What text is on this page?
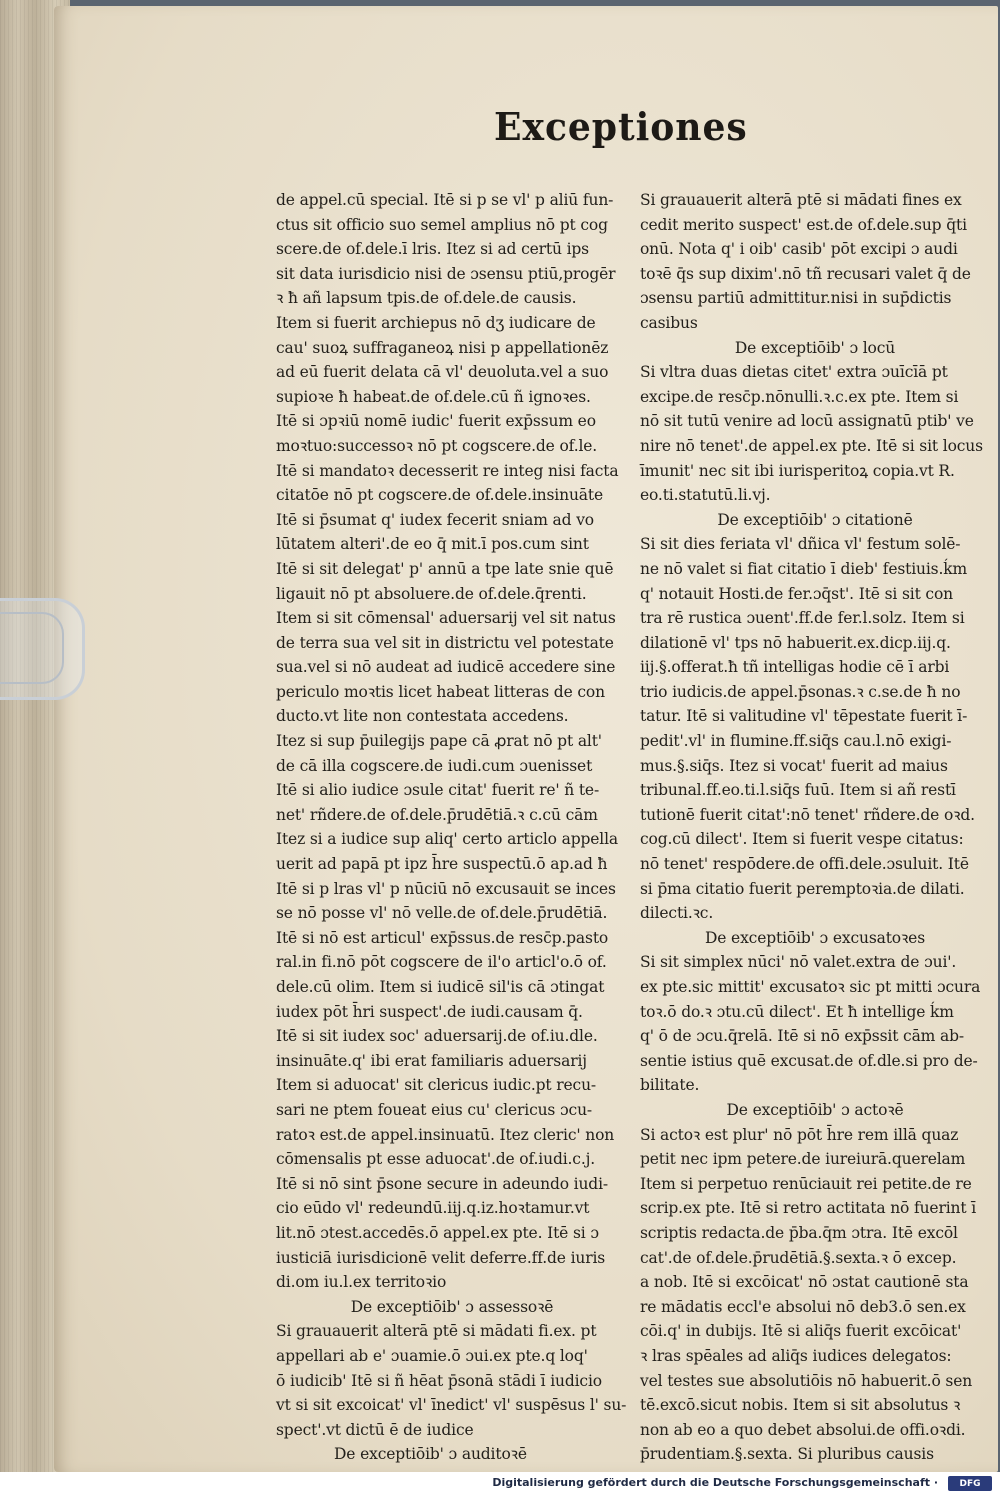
Exceptiones

de appel.cū special. Itē si p se vl' p aliū fun-

ctus sit officio suo semel amplius nō pt cog

scere.de of.dele.ī lris. Itez si ad certū ips

sit data iurisdicio nisi de ɔsensu ptiū,progēr

ꝛ ħ añ lapsum tpis.de of.dele.de causis.

Item si fuerit archiepus nō dʒ iudicare de

cau' suoꝝ suffraganeoꝝ nisi p appellationēz

ad eū fuerit delata cā vl' deuoluta.vel a suo

supioꝛe ħ habeat.de of.dele.cū ñ ignoꝛes.

Itē si ɔpꝛiū nomē iudic' fuerit exp̄ssum eo

moꝛtuo:successoꝛ nō pt cogscere.de of.le.

Itē si mandatoꝛ decesserit re integ nisi facta

citatōe nō pt cogscere.de of.dele.insinuāte

Itē si p̄sumat q' iudex fecerit sniam ad vo

lūtatem alteri'.de eo q̄ mit.ī pos.cum sint

Itē si sit delegat' p' annū a tpe late snie quē

ligauit nō pt absoluere.de of.dele.q̄renti.

Item si sit cōmensal' aduersarij vel sit natus

de terra sua vel sit in districtu vel potestate

sua.vel si nō audeat ad iudicē accedere sine

periculo moꝛtis licet habeat litteras de con

ducto.vt lite non contestata accedens.

Itez si sup p̄uilegijs pape cā ꝓrat nō pt alt'

de cā illa cogscere.de iudi.cum ɔuenisset

Itē si alio iudice ɔsule citat' fuerit re' ñ te-

net' rñdere.de of.dele.p̄rudētiā.ꝛ c.cū cām

Itez si a iudice sup aliq' certo articlo appella

uerit ad papā pt ipz h̄re suspectū.ō ap.ad ħ

Itē si p lras vl' p nūciū nō excusauit se inces

se nō posse vl' nō velle.de of.dele.p̄rudētiā.

Itē si nō est articul' exp̄ssus.de resc̄p.pasto

ral.in fi.nō pōt cogscere de il'o articl'o.ō of.

dele.cū olim. Item si iudicē sil'is cā ɔtingat

iudex pōt h̄ri suspect'.de iudi.causam q̄.

Itē si sit iudex soc' aduersarij.de of.iu.dle.

insinuāte.q' ibi erat familiaris aduersarij

Item si aduocat' sit clericus iudic.pt recu-

sari ne ptem foueat eius cu' clericus ɔcu-

ratoꝛ est.de appel.insinuatū. Itez cleric' non

cōmensalis pt esse aduocat'.de of.iudi.c.j.

Itē si nō sint p̄sone secure in adeundo iudi-

cio eūdo vl' redeundū.iij.q.iz.hoꝛtamur.vt

lit.nō ɔtest.accedēs.ō appel.ex pte. Itē si ɔ

iusticiā iurisdicionē velit deferre.ff.de iuris

di.om iu.l.ex territoꝛio

De exceptiōib' ɔ assessoꝛē

Si grauauerit alterā ptē si mādati fi.ex. pt

appellari ab e' ɔuamie.ō ɔui.ex pte.q loq'

ō iudicib' Itē si ñ hēat p̄sonā stādi ī iudicio

vt si sit excoicat' vl' īnedict' vl' suspēsus l' su-

spect'.vt dictū ē de iudice

De exceptiōib' ɔ auditoꝛē

Si grauauerit alterā ptē si mādati fines ex

cedit merito suspect' est.de of.dele.sup q̄ti

onū. Nota q' i oib' casib' pōt excipi ɔ audi

toꝛē q̄s sup dixim'.nō tñ recusari valet q̄ de

ɔsensu partiū admittitur.nisi in sup̄dictis

casibus

De exceptiōib' ɔ locū

Si vltra duas dietas citet' extra ɔuīcīā pt

excipe.de resc̄p.nōnulli.ꝛ.c.ex pte. Item si

nō sit tutū venire ad locū assignatū ptib' ve

nire nō tenet'.de appel.ex pte. Itē si sit locus

īmunit' nec sit ibi iurisperitoꝝ copia.vt R.

eo.ti.statutū.li.vj.

De exceptiōib' ɔ citationē

Si sit dies feriata vl' dñica vl' festum solē-

ne nō valet si fiat citatio ī dieb' festiuis.ḱm

q' notauit Hosti.de fer.ɔq̄st'. Itē si sit con

tra rē rustica ɔuent'.ff.de fer.l.solz. Item si

dilationē vl' tps nō habuerit.ex.dicp.iij.q.

iij.§.offerat.ħ tñ intelligas hodie cē ī arbi

trio iudicis.de appel.p̄sonas.ꝛ c.se.de ħ no

tatur. Itē si valitudine vl' tēpestate fuerit ī-

pedit'.vl' in flumine.ff.siq̄s cau.l.nō exigi-

mus.§.siq̄s. Itez si vocat' fuerit ad maius

tribunal.ff.eo.ti.l.siq̄s fuū. Item si añ restī

tutionē fuerit citat':nō tenet' rñdere.de oꝛd.

cog.cū dilect'. Item si fuerit vespe citatus:

nō tenet' respōdere.de offi.dele.ɔsuluit. Itē

si p̄ma citatio fuerit peremptoꝛia.de dilati.

dilecti.ꝛc.

De exceptiōib' ɔ excusatoꝛes

Si sit simplex nūci' nō valet.extra de ɔui'.

ex pte.sic mittit' excusatoꝛ sic pt mitti ɔcura

toꝛ.ō do.ꝛ ɔtu.cū dilect'. Et ħ intellige ḱm

q' ō de ɔcu.q̄relā. Itē si nō exp̄ssit cām ab-

sentie istius quē excusat.de of.dle.si pro de-

bilitate.

De exceptiōib' ɔ actoꝛē

Si actoꝛ est plur' nō pōt h̄re rem illā quaz

petit nec ipm petere.de iureiurā.querelam

Item si perpetuo renūciauit rei petite.de re

scrip.ex pte. Itē si retro actitata nō fuerint ī

scriptis redacta.de p̄ba.q̄m ɔtra. Itē excōl

cat'.de of.dele.p̄rudētiā.§.sexta.ꝛ ō excep.

a nob. Itē si excōicat' nō ɔstat cautionē sta

re mādatis eccl'e absolui nō deb3.ō sen.ex

cōi.q' in dubijs. Itē si aliq̄s fuerit excōicat'

ꝛ lras spēales ad aliq̄s iudices delegatos:

vel testes sue absolutiōis nō habuerit.ō sen

tē.excō.sicut nobis. Item si sit absolutus ꝛ

non ab eo a quo debet absolui.de offi.oꝛdi.

p̄rudentiam.§.sexta. Si pluribus causis

Digitalisierung gefördert durch die Deutsche Forschungsgemeinschaft ·	DFG
